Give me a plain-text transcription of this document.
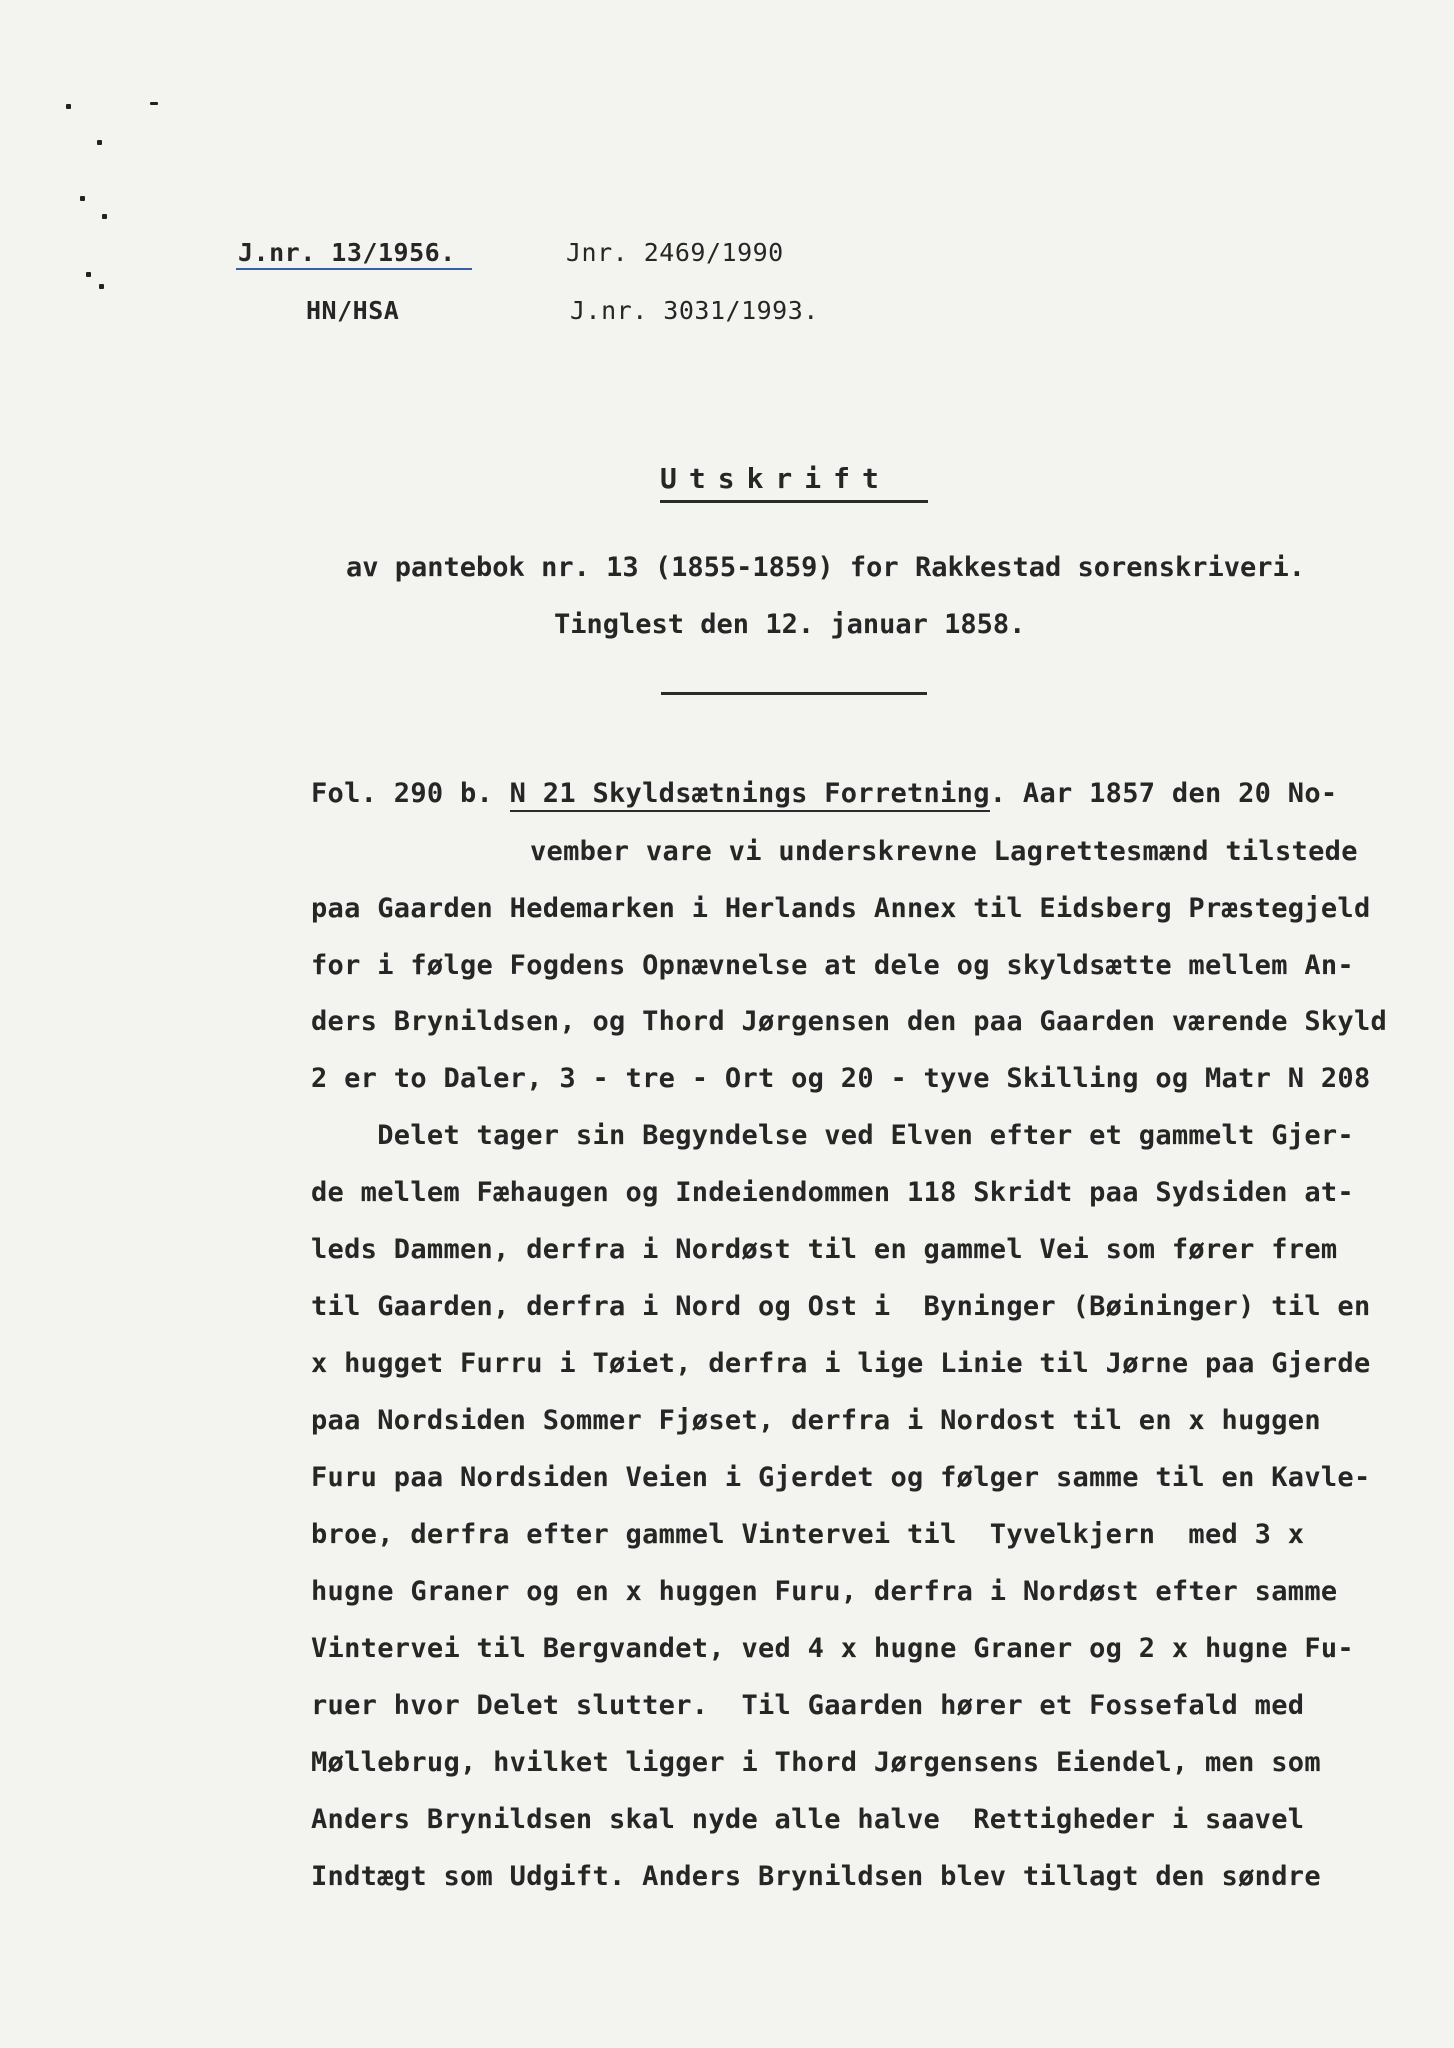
J.nr. 13/1956.
HN/HSA
Jnr. 2469/1990
J.nr. 3031/1993.
Utskrift
av pantebok nr. 13 (1855-1859) for Rakkestad sorenskriveri.
Tinglest den 12. januar 1858.
Fol. 290 b. N 21 Skyldsætnings Forretning. Aar 1857 den 20 No-
vember vare vi underskrevne Lagrettesmænd tilstede
paa Gaarden Hedemarken i Herlands Annex til Eidsberg Præstegjeld
for i følge Fogdens Opnævnelse at dele og skyldsætte mellem An-
ders Brynildsen, og Thord Jørgensen den paa Gaarden værende Skyld
2 er to Daler, 3 - tre - Ort og 20 - tyve Skilling og Matr N 208
Delet tager sin Begyndelse ved Elven efter et gammelt Gjer-
de mellem Fæhaugen og Indeiendommen 118 Skridt paa Sydsiden at-
leds Dammen, derfra i Nordøst til en gammel Vei som fører frem
til Gaarden, derfra i Nord og Ost i  Byninger (Bøininger) til en
x hugget Furru i Tøiet, derfra i lige Linie til Jørne paa Gjerde
paa Nordsiden Sommer Fjøset, derfra i Nordost til en x huggen
Furu paa Nordsiden Veien i Gjerdet og følger samme til en Kavle-
broe, derfra efter gammel Vintervei til  Tyvelkjern  med 3 x
hugne Graner og en x huggen Furu, derfra i Nordøst efter samme
Vintervei til Bergvandet, ved 4 x hugne Graner og 2 x hugne Fu-
ruer hvor Delet slutter.  Til Gaarden hører et Fossefald med
Møllebrug, hvilket ligger i Thord Jørgensens Eiendel, men som
Anders Brynildsen skal nyde alle halve  Rettigheder i saavel
Indtægt som Udgift. Anders Brynildsen blev tillagt den søndre
